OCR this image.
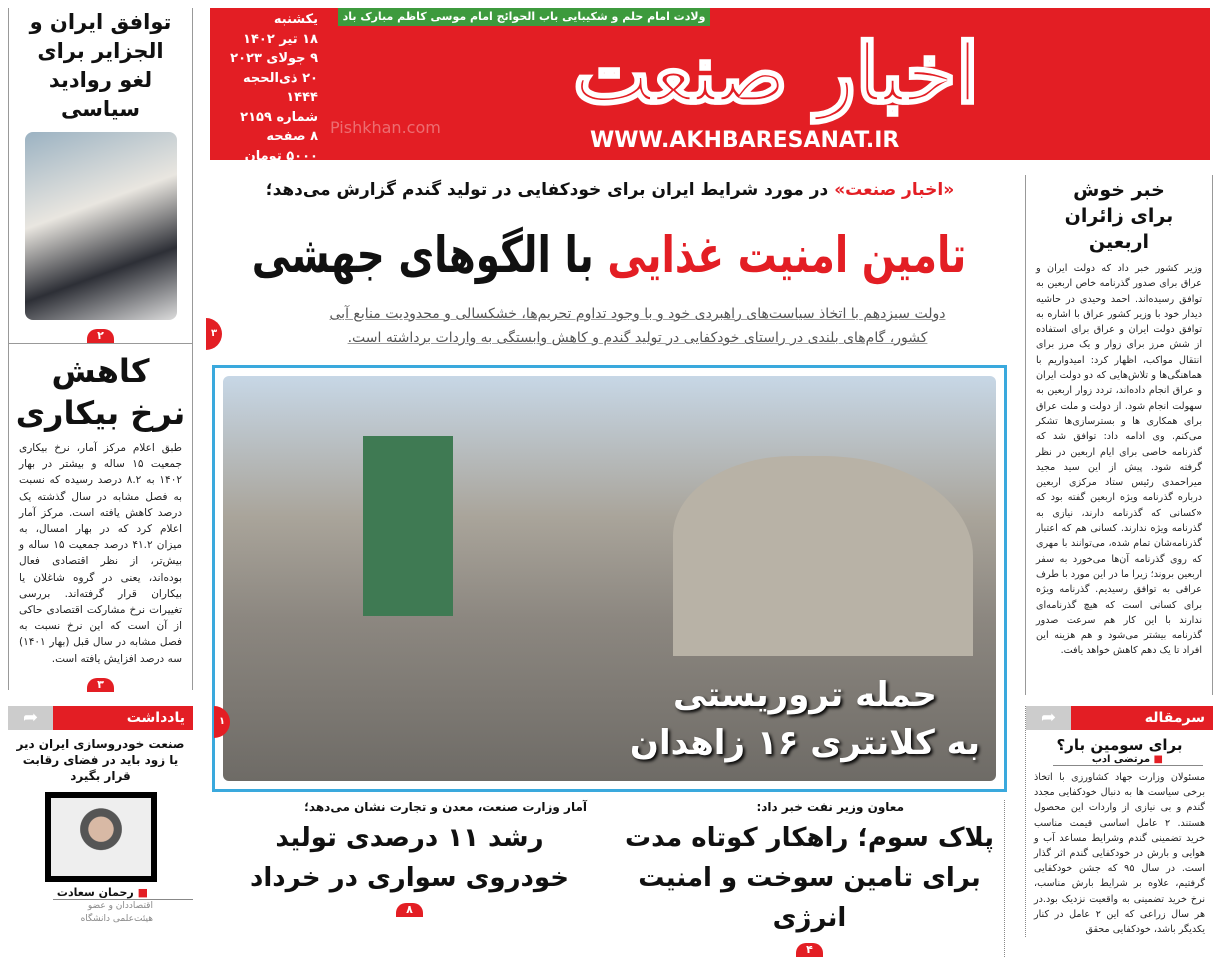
ولادت امام حلم و شکیبایی باب الحوائج امام موسی کاظم مبارک باد
یکشنبه
۱۸ تیر ۱۴۰۲
۹ جولای ۲۰۲۳
۲۰ ذی‌الحجه ۱۴۴۴
شماره ۲۱۵۹
۸ صفحه
۵۰۰۰ تومان
اخبار صنعت
Pishkhan.com
WWW.AKHBARESANAT.IR
«اخبار صنعت» در مورد شرایط ایران برای خودکفایی در تولید گندم گزارش می‌دهد؛
تامین امنیت غذایی با الگوهای جهشی
دولت سیزدهم با اتخاذ سیاست‌های راهبردی خود و با وجود تداوم تحریم‌ها، خشکسالی و محدودیت منابع آبی کشور، گام‌های بلندی در راستای خودکفایی در تولید گندم و کاهش وابستگی به واردات برداشته است.
۳
حمله تروریستی
به کلانتری ۱۶ زاهدان
۱
معاون وزیر نفت خبر داد:
پلاک سوم؛ راهکار کوتاه مدت
برای تامین سوخت و امنیت انرژی
۴
آمار وزارت صنعت، معدن و تجارت نشان می‌دهد؛
رشد ۱۱ درصدی تولید
خودروی سواری در خرداد
۸
توافق ایران و الجزایر برای لغو روادید سیاسی
۲
کاهش
نرخ بیکاری
طبق اعلام مرکز آمار، نرخ بیکاری جمعیت ۱۵ ساله و بیشتر در بهار ۱۴۰۲ به ۸.۲ درصد رسیده که نسبت به فصل مشابه در سال گذشته یک درصد کاهش یافته است. مرکز آمار اعلام کرد که در بهار امسال، به میزان ۴۱.۲ درصد جمعیت ۱۵ ساله و بیش‌تر، از نظر اقتصادی فعال بوده‌اند، یعنی در گروه شاغلان یا بیکاران قرار گرفته‌اند. بررسی تغییرات نرخ مشارکت اقتصادی حاکی از آن است که این نرخ نسبت به فصل مشابه در سال قبل (بهار ۱۴۰۱) سه درصد افزایش یافته است.
۳
یادداشت
➦
صنعت خودروسازی ایران دیر یا زود باید در فضای رقابت قرار بگیرد
■ رحمان سعادت
اقتصاددان و عضو هیئت‌علمی دانشگاه
خبر خوش برای زائران اربعین
وزیر کشور خبر داد که دولت ایران و عراق برای صدور گذرنامه خاص اربعین به توافق رسیده‌اند. احمد وحیدی در حاشیه دیدار خود با وزیر کشور عراق با اشاره به توافق دولت ایران و عراق برای استفاده از شش مرز برای زوار و یک مرز برای انتقال مواکب، اظهار کرد: امیدواریم با هماهنگی‌ها و تلاش‌هایی که دو دولت ایران و عراق انجام داده‌اند، تردد زوار اربعین به سهولت انجام شود. از دولت و ملت عراق برای همکاری ها و بسترسازی‌ها تشکر می‌کنم. وی ادامه داد: توافق شد که گذرنامه خاصی برای ایام اربعین در نظر گرفته شود. پیش از این سید مجید میراحمدی رئیس ستاد مرکزی اربعین درباره گذرنامه ویژه اربعین گفته بود که «کسانی که گذرنامه دارند، نیازی به گذرنامه ویژه ندارند. کسانی هم که اعتبار گذرنامه‌شان تمام شده، می‌توانند با مهری که روی گذرنامه آن‌ها می‌خورد به سفر اربعین بروند؛ زیرا ما در این مورد با طرف عراقی به توافق رسیدیم. گذرنامه ویژه برای کسانی است که هیچ گذرنامه‌ای ندارند با این کار هم سرعت صدور گذرنامه بیشتر می‌شود و هم هزینه این افراد تا یک دهم کاهش خواهد یافت.
سرمقاله
➦
برای سومین بار؟
■ مرتضی ادب
مسئولان وزارت جهاد کشاورزی با اتخاذ برخی سیاست ها به دنبال خودکفایی مجدد گندم و بی نیازی از واردات این محصول هستند. ۲ عامل اساسی قیمت مناسب خرید تضمینی گندم وشرایط مساعد آب و هوایی و بارش در خودکفایی گندم اثر گذار است. در سال ۹۵ که جشن خودکفایی گرفتیم، علاوه بر شرایط بارش مناسب، نرخ خرید تضمینی به واقعیت نزدیک بود.در هر سال زراعی که این ۲ عامل در کنار یکدیگر باشد، خودکفایی محقق
